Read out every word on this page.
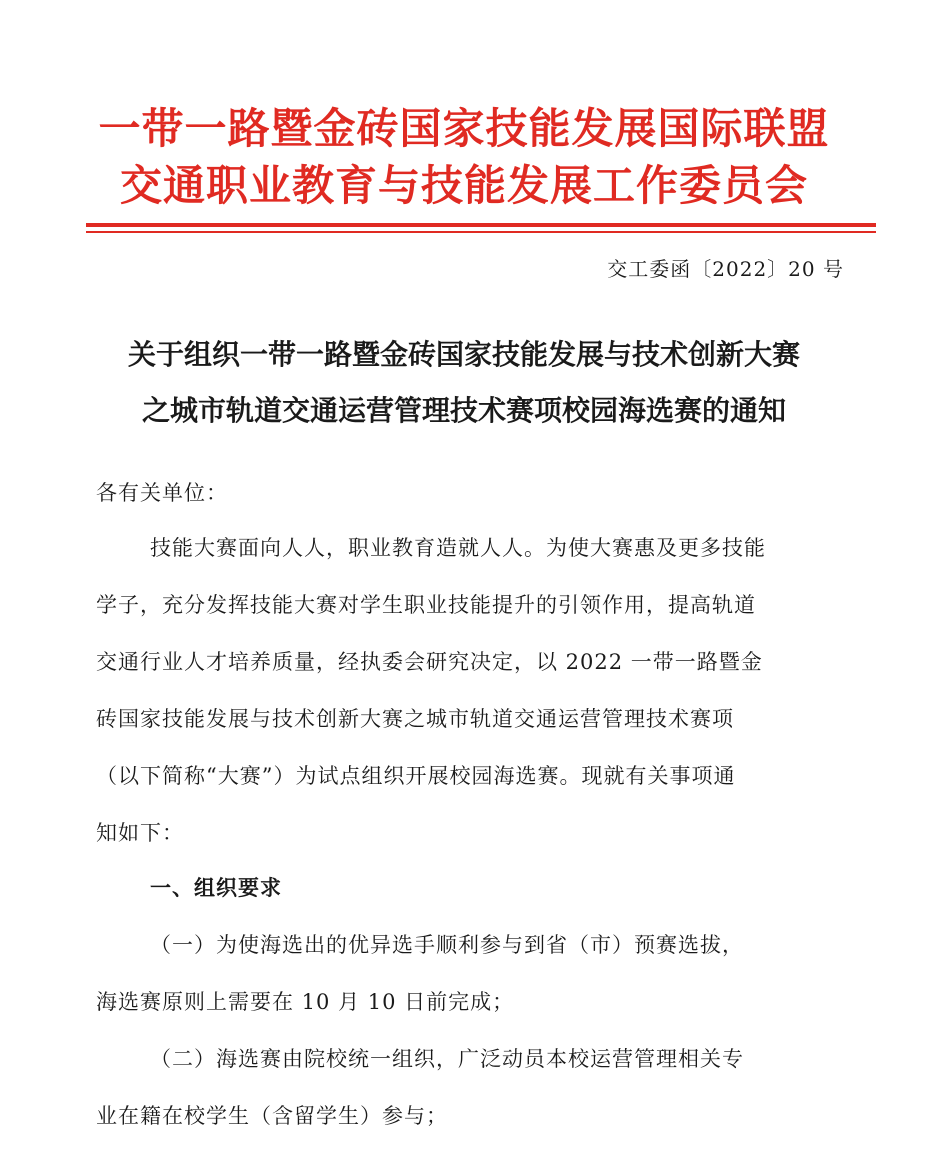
一带一路暨金砖国家技能发展国际联盟
交通职业教育与技能发展工作委员会
交工委函〔2022〕20 号
关于组织一带一路暨金砖国家技能发展与技术创新大赛
之城市轨道交通运营管理技术赛项校园海选赛的通知
各有关单位：
技能大赛面向人人，职业教育造就人人。为使大赛惠及更多技能
学子，充分发挥技能大赛对学生职业技能提升的引领作用，提高轨道
交通行业人才培养质量，经执委会研究决定，以 2022 一带一路暨金
砖国家技能发展与技术创新大赛之城市轨道交通运营管理技术赛项
（以下简称“大赛”）为试点组织开展校园海选赛。现就有关事项通
知如下：
一、组织要求
（一）为使海选出的优异选手顺利参与到省（市）预赛选拔，
海选赛原则上需要在 10 月 10 日前完成；
（二）海选赛由院校统一组织，广泛动员本校运营管理相关专
业在籍在校学生（含留学生）参与；
